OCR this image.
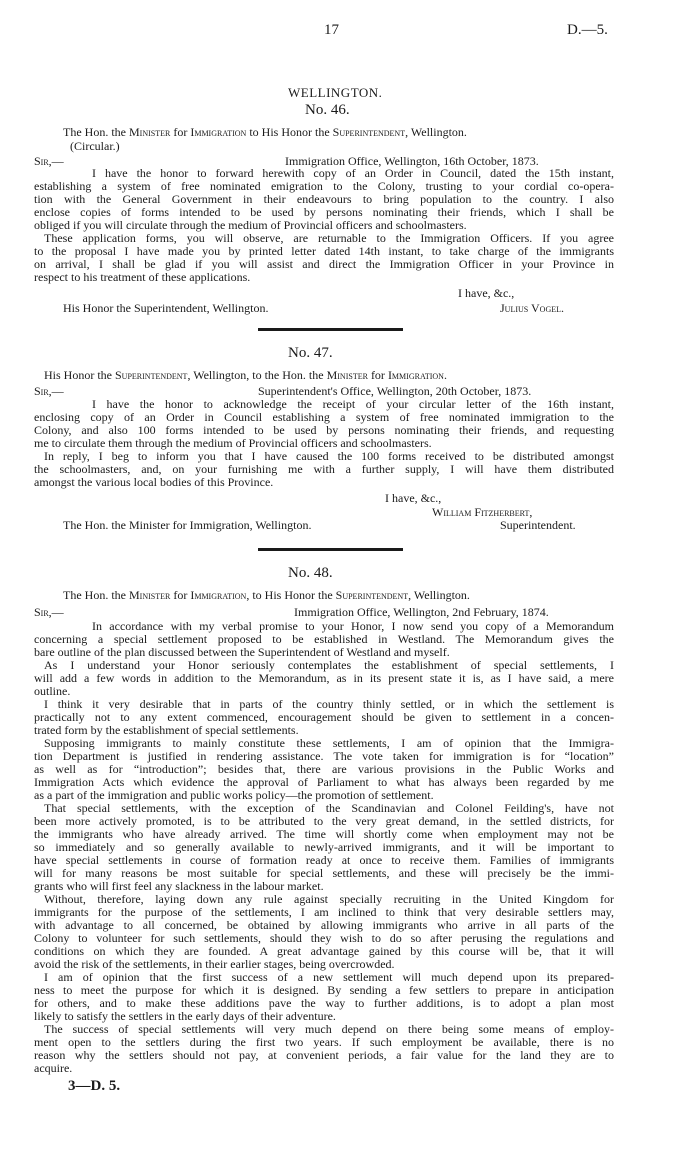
17	D.—5.
WELLINGTON.
No. 46.
The Hon. the Minister for Immigration to His Honor the Superintendent, Wellington.
(Circular.)
Sir,—	Immigration Office, Wellington, 16th October, 1873.
I have the honor to forward herewith copy of an Order in Council, dated the 15th instant,
establishing a system of free nominated emigration to the Colony, trusting to your cordial co-opera-
tion with the General Government in their endeavours to bring population to the country. I also
enclose copies of forms intended to be used by persons nominating their friends, which I shall be
obliged if you will circulate through the medium of Provincial officers and schoolmasters.
These application forms, you will observe, are returnable to the Immigration Officers. If you agree
to the proposal I have made you by printed letter dated 14th instant, to take charge of the immigrants
on arrival, I shall be glad if you will assist and direct the Immigration Officer in your Province in
respect to his treatment of these applications.
I have, &c.,
His Honor the Superintendent, Wellington.	Julius Vogel.
No. 47.
His Honor the Superintendent, Wellington, to the Hon. the Minister for Immigration.
Sir,—	Superintendent's Office, Wellington, 20th October, 1873.
I have the honor to acknowledge the receipt of your circular letter of the 16th instant,
enclosing copy of an Order in Council establishing a system of free nominated immigration to the
Colony, and also 100 forms intended to be used by persons nominating their friends, and requesting
me to circulate them through the medium of Provincial officers and schoolmasters.
In reply, I beg to inform you that I have caused the 100 forms received to be distributed amongst
the schoolmasters, and, on your furnishing me with a further supply, I will have them distributed
amongst the various local bodies of this Province.
I have, &c.,
William Fitzherbert,
The Hon. the Minister for Immigration, Wellington.	Superintendent.
No. 48.
The Hon. the Minister for Immigration, to His Honor the Superintendent, Wellington.
Sir,—	Immigration Office, Wellington, 2nd February, 1874.
In accordance with my verbal promise to your Honor, I now send you copy of a Memorandum
concerning a special settlement proposed to be established in Westland. The Memorandum gives the
bare outline of the plan discussed between the Superintendent of Westland and myself.
As I understand your Honor seriously contemplates the establishment of special settlements, I
will add a few words in addition to the Memorandum, as in its present state it is, as I have said, a mere
outline.
I think it very desirable that in parts of the country thinly settled, or in which the settlement is
practically not to any extent commenced, encouragement should be given to settlement in a concen-
trated form by the establishment of special settlements.
Supposing immigrants to mainly constitute these settlements, I am of opinion that the Immigra-
tion Department is justified in rendering assistance. The vote taken for immigration is for “location”
as well as for “introduction”; besides that, there are various provisions in the Public Works and
Immigration Acts which evidence the approval of Parliament to what has always been regarded by me
as a part of the immigration and public works policy—the promotion of settlement.
That special settlements, with the exception of the Scandinavian and Colonel Feilding's, have not
been more actively promoted, is to be attributed to the very great demand, in the settled districts, for
the immigrants who have already arrived. The time will shortly come when employment may not be
so immediately and so generally available to newly-arrived immigrants, and it will be important to
have special settlements in course of formation ready at once to receive them. Families of immigrants
will for many reasons be most suitable for special settlements, and these will precisely be the immi-
grants who will first feel any slackness in the labour market.
Without, therefore, laying down any rule against specially recruiting in the United Kingdom for
immigrants for the purpose of the settlements, I am inclined to think that very desirable settlers may,
with advantage to all concerned, be obtained by allowing immigrants who arrive in all parts of the
Colony to volunteer for such settlements, should they wish to do so after perusing the regulations and
conditions on which they are founded. A great advantage gained by this course will be, that it will
avoid the risk of the settlements, in their earlier stages, being overcrowded.
I am of opinion that the first success of a new settlement will much depend upon its prepared-
ness to meet the purpose for which it is designed. By sending a few settlers to prepare in anticipation
for others, and to make these additions pave the way to further additions, is to adopt a plan most
likely to satisfy the settlers in the early days of their adventure.
The success of special settlements will very much depend on there being some means of employ-
ment open to the settlers during the first two years. If such employment be available, there is no
reason why the settlers should not pay, at convenient periods, a fair value for the land they are to
acquire.
3—D. 5.
